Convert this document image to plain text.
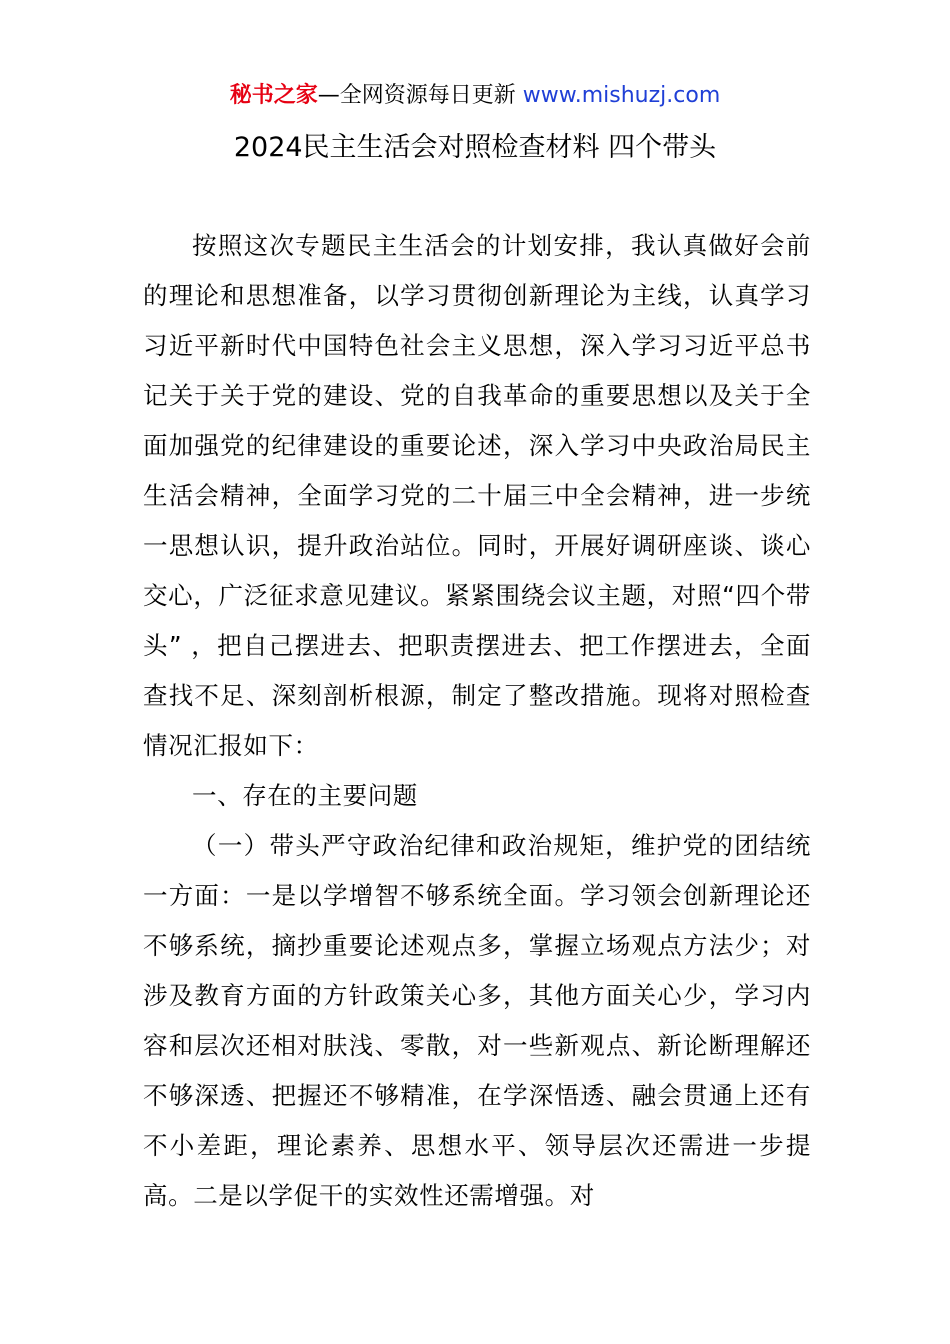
秘书之家—全网资源每日更新 www.mishuzj.com
2024民主生活会对照检查材料 四个带头

按照这次专题民主生活会的计划安排，我认真做好会前的理论和思想准备，以学习贯彻创新理论为主线，认真学习习近平新时代中国特色社会主义思想，深入学习习近平总书记关于关于党的建设、党的自我革命的重要思想以及关于全面加强党的纪律建设的重要论述，深入学习中央政治局民主生活会精神，全面学习党的二十届三中全会精神，进一步统一思想认识，提升政治站位。同时，开展好调研座谈、谈心交心，广泛征求意见建议。紧紧围绕会议主题，对照“四个带头” ，把自己摆进去、把职责摆进去、把工作摆进去，全面查找不足、深刻剖析根源，制定了整改措施。现将对照检查情况汇报如下：

一、存在的主要问题

（一）带头严守政治纪律和政治规矩，维护党的团结统一方面：一是以学增智不够系统全面。学习领会创新理论还不够系统，摘抄重要论述观点多，掌握立场观点方法少；对涉及教育方面的方针政策关心多，其他方面关心少，学习内容和层次还相对肤浅、零散，对一些新观点、新论断理解还不够深透、把握还不够精准，在学深悟透、融会贯通上还有不小差距，理论素养、思想水平、领导层次还需进一步提高。二是以学促干的实效性还需增强。对
